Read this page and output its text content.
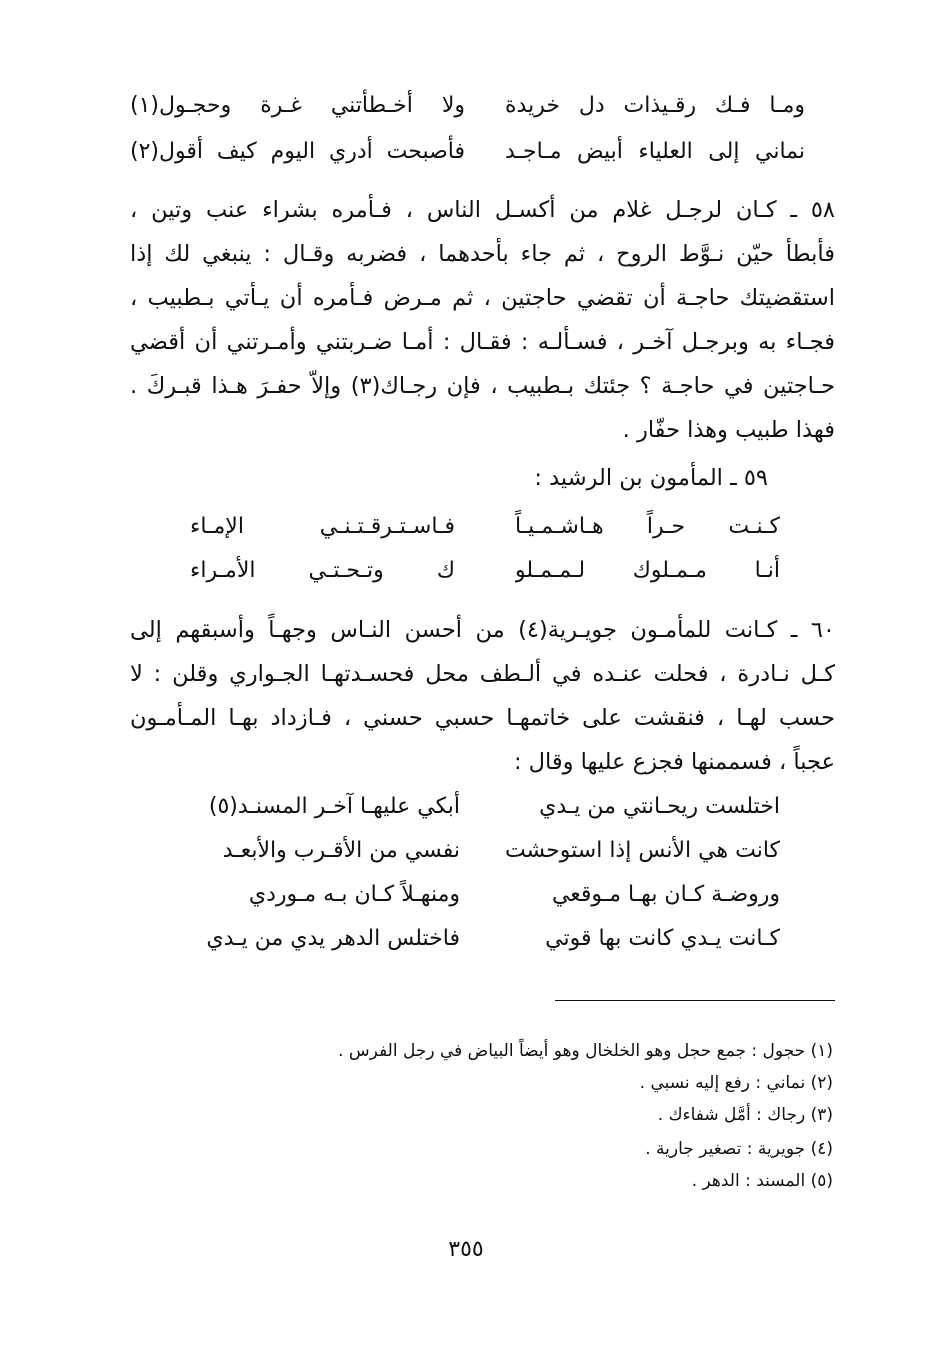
ومـا فـك رقـيذات دل خريدة
ولا أخـطأتني غـرة وحجـول(١)
نماني إلى العلياء أبيض مـاجـد
فأصبحت أدري اليوم كيف أقول(٢)
٥٨ ـ كـان لرجـل غلام من أكسـل الناس ، فـأمره بشراء عنب وتين ،
فأبطأ حيّن نـوَّط الروح ، ثم جاء بأحدهما ، فضربه وقـال : ينبغي لك إذا
استقضيتك حاجـة أن تقضي حاجتين ، ثم مـرض فـأمره أن يـأتي بـطبيب ،
فجـاء به وبرجـل آخـر ، فسـألـه : فقـال : أمـا ضـربتني وأمـرتني أن أقضي
حـاجتين في حاجـة ؟ جئتك بـطبيب ، فإن رجـاك(٣) وإلاّ حفـرَ هـذا قبـركَ .
فهذا طبيب وهذا حفّار .
٥٩ ـ المأمون بن الرشيد :
كـنـت حـراً هـاشـمـيـاً
فـاسـتـرقـتـنـي الإمـاء
أنـا مـمـلوك لـمـمـلو
ك وتـحـتـي الأمـراء
٦٠ ـ كـانت للمأمـون جويـرية(٤) من أحسن النـاس وجهـاً وأسبقهم إلى
كـل نـادرة ، فحلت عنـده في ألـطف محل فحسـدتهـا الجـواري وقلن : لا
حسب لهـا ، فنقشت على خاتمهـا حسبي حسني ، فـازداد بهـا المـأمـون
عجباً ، فسممنها فجزع عليها وقال :
اختلست ريحـانتي من يـدي
أبكي عليهـا آخـر المسنـد(٥)
كانت هي الأنس إذا استوحشت
نفسي من الأقـرب والأبعـد
وروضـة كـان بهـا مـوقعي
ومنهـلاً كـان بـه مـوردي
كـانت يـدي كانت بها قوتي
فاختلس الدهر يدي من يـدي
(١) حجول : جمع حجل وهو الخلخال وهو أيضاً البياض في رجل الفرس .
(٢) نماني : رفع إليه نسبي .
(٣) رجاك : أمَّل شفاءك .
(٤) جويرية : تصغير جارية .
(٥) المسند : الدهر .
٣٥٥
